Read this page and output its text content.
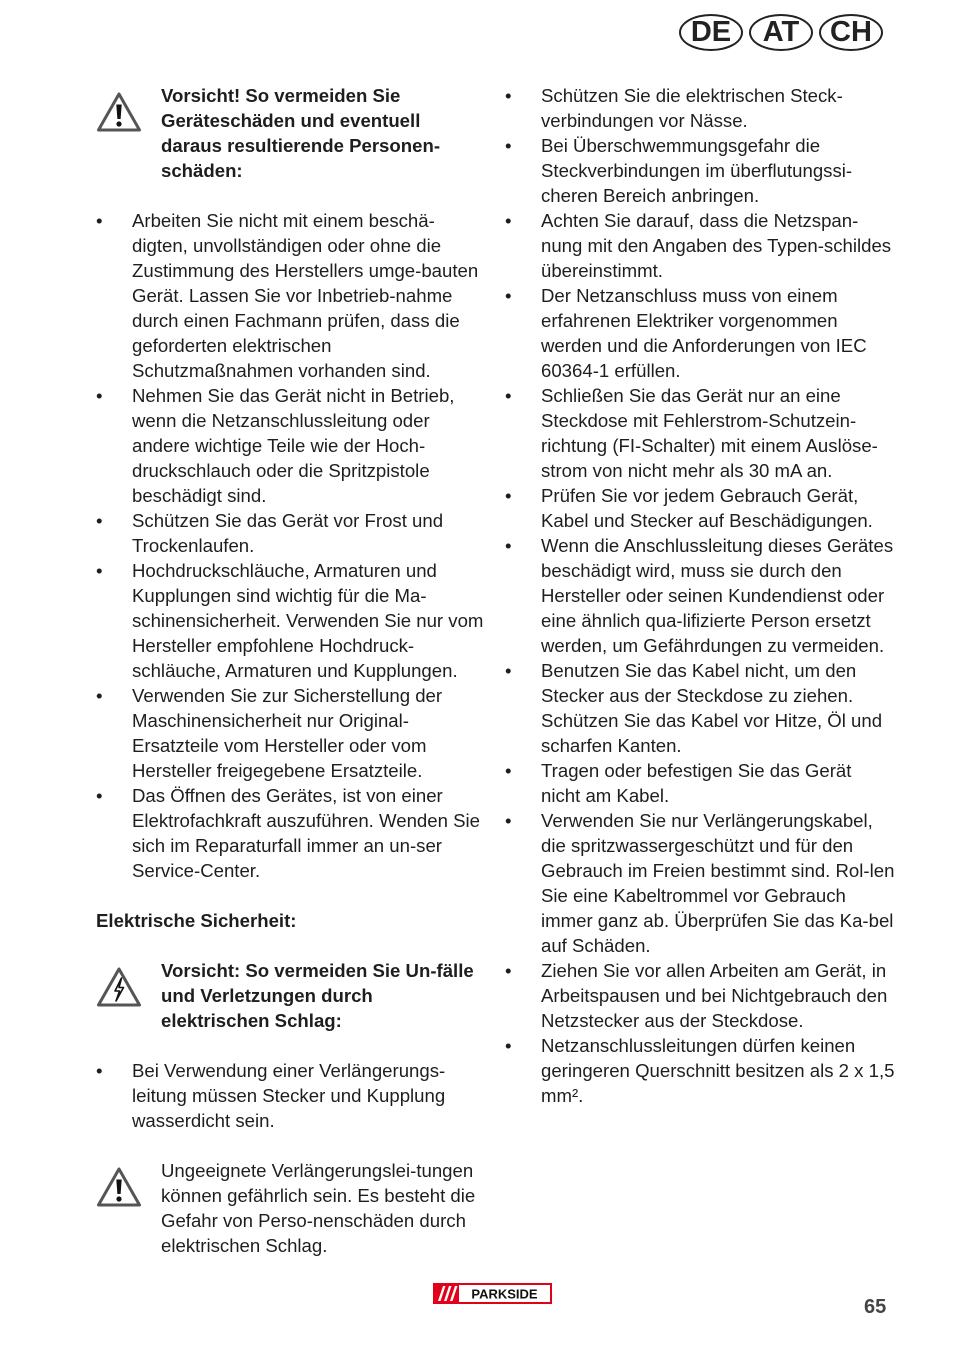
DE	AT	CH

Vorsicht! So vermeiden Sie Geräteschäden und eventuell daraus resultierende Personen-schäden:

• Arbeiten Sie nicht mit einem beschä-digten, unvollständigen oder ohne die Zustimmung des Herstellers umge-bauten Gerät. Lassen Sie vor Inbetrieb-nahme durch einen Fachmann prüfen, dass die geforderten elektrischen Schutzmaßnahmen vorhanden sind.
• Nehmen Sie das Gerät nicht in Betrieb, wenn die Netzanschlussleitung oder andere wichtige Teile wie der Hoch-druckschlauch oder die Spritzpistole beschädigt sind.
• Schützen Sie das Gerät vor Frost und Trockenlaufen.
• Hochdruckschläuche, Armaturen und Kupplungen sind wichtig für die Ma-schinensicherheit. Verwenden Sie nur vom Hersteller empfohlene Hochdruck-schläuche, Armaturen und Kupplungen.
• Verwenden Sie zur Sicherstellung der Maschinensicherheit nur Original-Ersatzteile vom Hersteller oder vom Hersteller freigegebene Ersatzteile.
• Das Öffnen des Gerätes, ist von einer Elektrofachkraft auszuführen. Wenden Sie sich im Reparaturfall immer an un-ser Service-Center.

Elektrische Sicherheit:

Vorsicht: So vermeiden Sie Un-fälle und Verletzungen durch elektrischen Schlag:

• Bei Verwendung einer Verlängerungs-leitung müssen Stecker und Kupplung wasserdicht sein.

Ungeeignete Verlängerungslei-tungen können gefährlich sein. Es besteht die Gefahr von Perso-nenschäden durch elektrischen Schlag.

• Schützen Sie die elektrischen Steck-verbindungen vor Nässe.
• Bei Überschwemmungsgefahr die Steckverbindungen im überflutungssi-cheren Bereich anbringen.
• Achten Sie darauf, dass die Netzspan-nung mit den Angaben des Typen-schildes übereinstimmt.
• Der Netzanschluss muss von einem erfahrenen Elektriker vorgenommen werden und die Anforderungen von IEC 60364-1 erfüllen.
• Schließen Sie das Gerät nur an eine Steckdose mit Fehlerstrom-Schutzein-richtung (FI-Schalter) mit einem Auslöse-strom von nicht mehr als 30 mA an.
• Prüfen Sie vor jedem Gebrauch Gerät, Kabel und Stecker auf Beschädigungen.
• Wenn die Anschlussleitung dieses Gerätes beschädigt wird, muss sie durch den Hersteller oder seinen Kundendienst oder eine ähnlich qua-lifizierte Person ersetzt werden, um Gefährdungen zu vermeiden.
• Benutzen Sie das Kabel nicht, um den Stecker aus der Steckdose zu ziehen. Schützen Sie das Kabel vor Hitze, Öl und scharfen Kanten.
• Tragen oder befestigen Sie das Gerät nicht am Kabel.
• Verwenden Sie nur Verlängerungskabel, die spritzwassergeschützt und für den Gebrauch im Freien bestimmt sind. Rol-len Sie eine Kabeltrommel vor Gebrauch immer ganz ab. Überprüfen Sie das Ka-bel auf Schäden.
• Ziehen Sie vor allen Arbeiten am Gerät, in Arbeitspausen und bei Nichtgebrauch den Netzstecker aus der Steckdose.
• Netzanschlussleitungen dürfen keinen geringeren Querschnitt besitzen als 2 x 1,5 mm².
PARKSIDE
65
